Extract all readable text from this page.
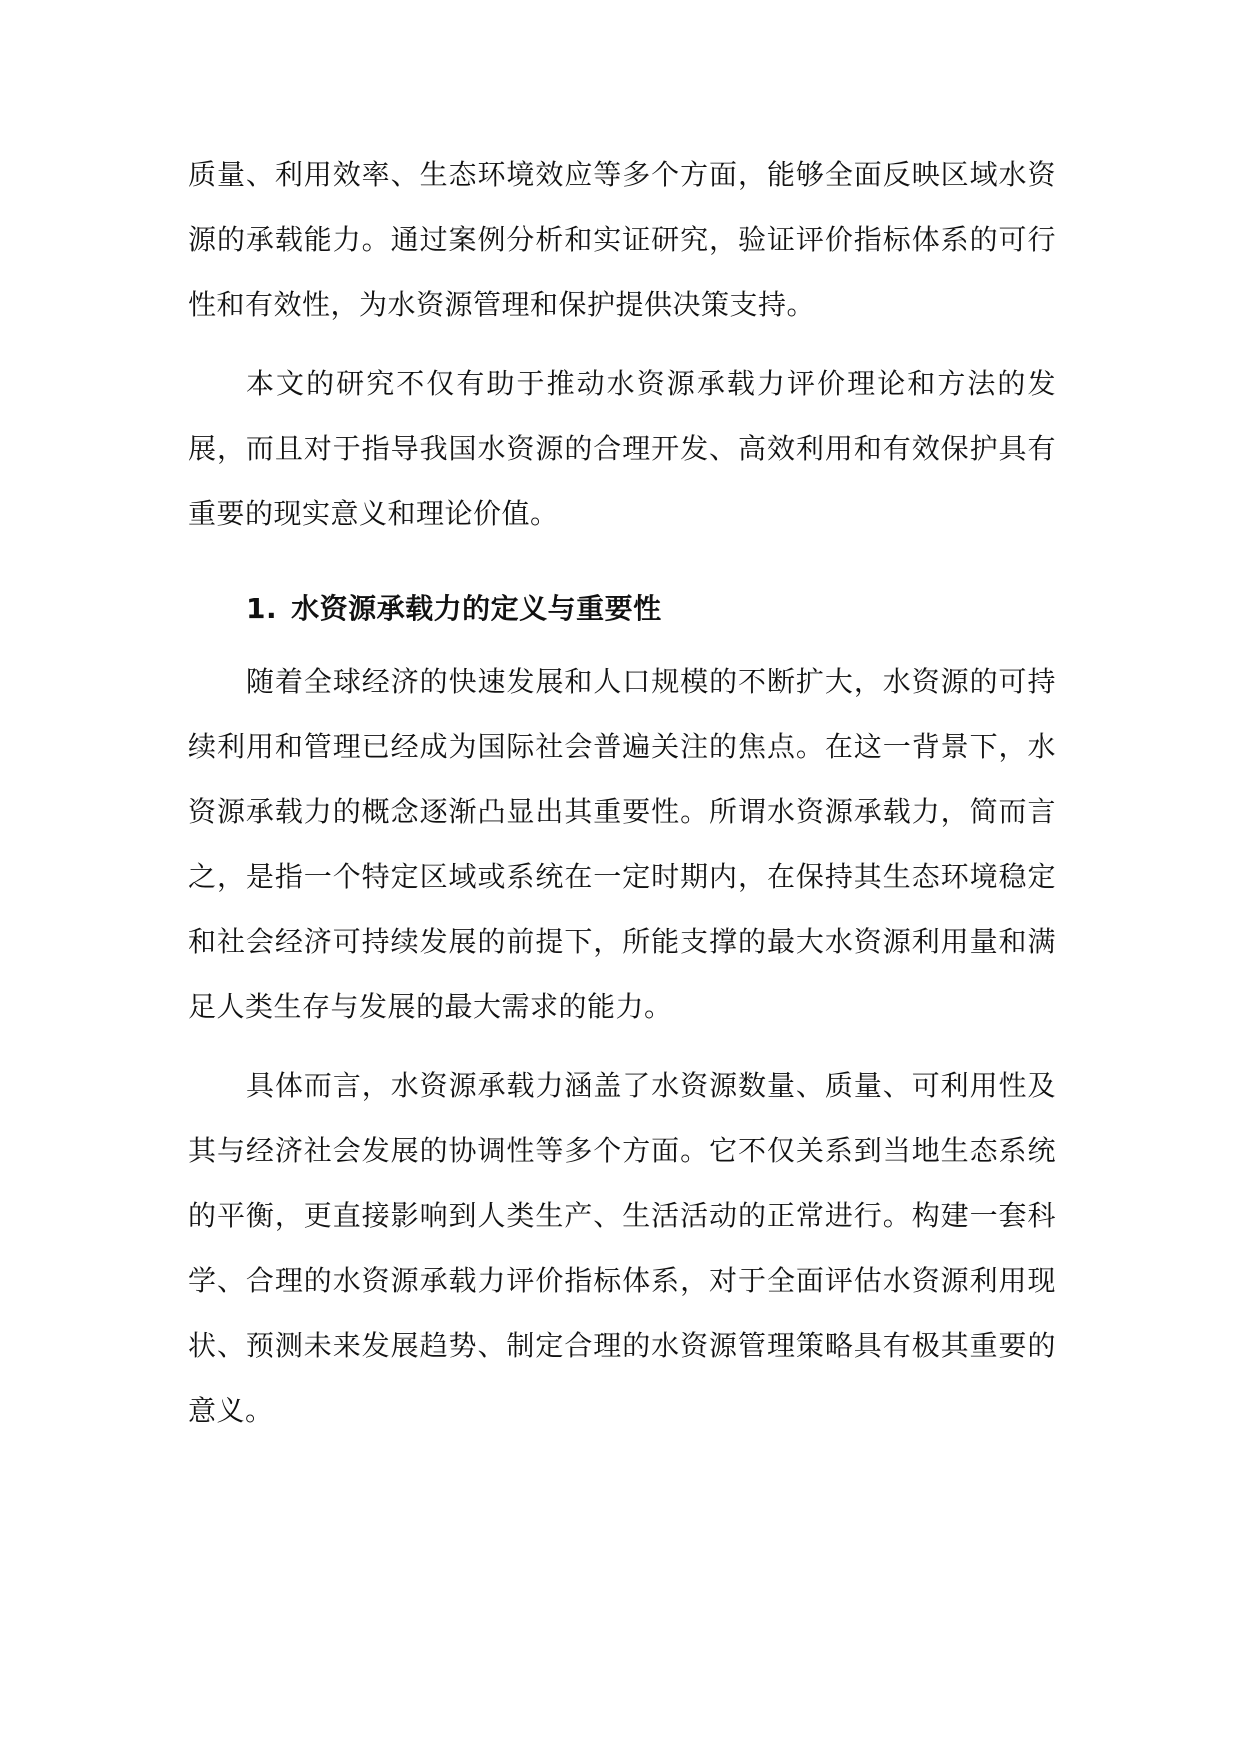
质量、利用效率、生态环境效应等多个方面，能够全面反映区域水资源的承载能力。通过案例分析和实证研究，验证评价指标体系的可行性和有效性，为水资源管理和保护提供决策支持。

本文的研究不仅有助于推动水资源承载力评价理论和方法的发展，而且对于指导我国水资源的合理开发、高效利用和有效保护具有重要的现实意义和理论价值。

1. 水资源承载力的定义与重要性

随着全球经济的快速发展和人口规模的不断扩大，水资源的可持续利用和管理已经成为国际社会普遍关注的焦点。在这一背景下，水资源承载力的概念逐渐凸显出其重要性。所谓水资源承载力，简而言之，是指一个特定区域或系统在一定时期内，在保持其生态环境稳定和社会经济可持续发展的前提下，所能支撑的最大水资源利用量和满足人类生存与发展的最大需求的能力。

具体而言，水资源承载力涵盖了水资源数量、质量、可利用性及其与经济社会发展的协调性等多个方面。它不仅关系到当地生态系统的平衡，更直接影响到人类生产、生活活动的正常进行。构建一套科学、合理的水资源承载力评价指标体系，对于全面评估水资源利用现状、预测未来发展趋势、制定合理的水资源管理策略具有极其重要的意义。
